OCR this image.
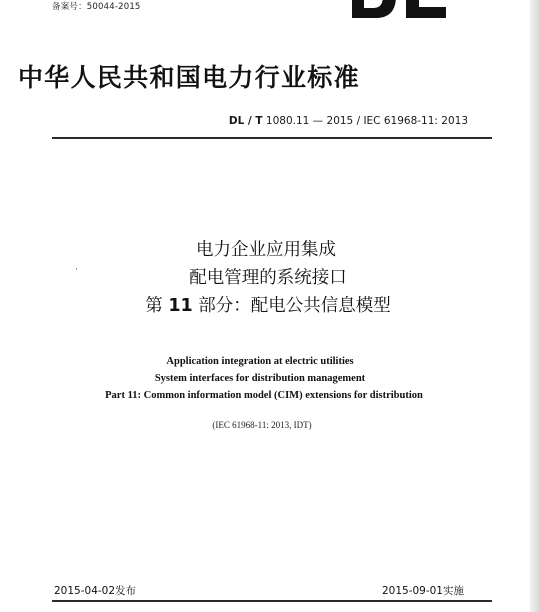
备案号：50044-2015
中华人民共和国电力行业标准
DL / T 1080.11 — 2015 / IEC 61968-11: 2013
电力企业应用集成
配电管理的系统接口
第 11 部分：配电公共信息模型
Application integration at electric utilities
System interfaces for distribution management
Part 11: Common information model (CIM) extensions for distribution
(IEC 61968-11: 2013, IDT)
2015-04-02发布	2015-09-01实施
